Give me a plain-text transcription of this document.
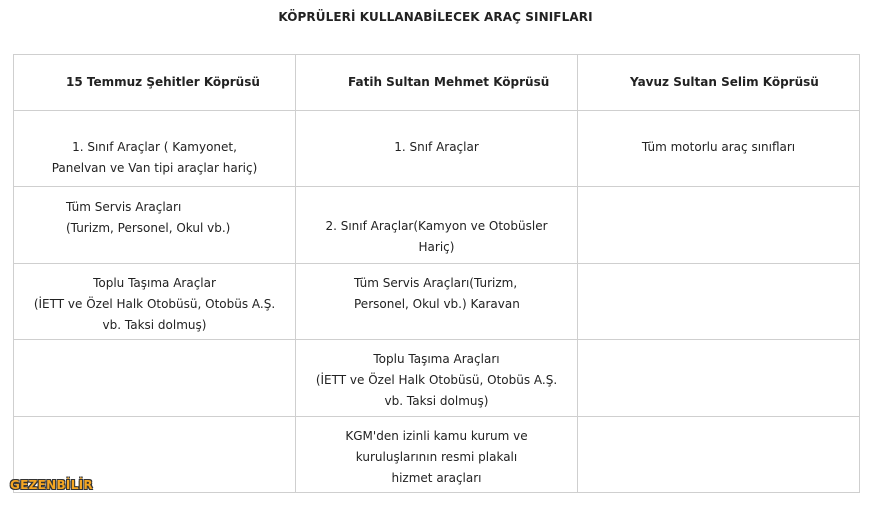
KÖPRÜLERİ KULLANABİLECEK ARAÇ SINIFLARI
15 Temmuz Şehitler Köprüsü	Fatih Sultan Mehmet Köprüsü	Yavuz Sultan Selim Köprüsü

1. Sınıf Araçlar ( Kamyonet,
Panelvan ve Van tipi araçlar hariç)	1. Snıf Araçlar	Tüm motorlu araç sınıfları

Tüm Servis Araçları
(Turizm, Personel, Okul vb.)	2. Sınıf Araçlar(Kamyon ve Otobüsler
Hariç)	

Toplu Taşıma Araçlar
(İETT ve Özel Halk Otobüsü, Otobüs A.Ş.
vb. Taksi dolmuş)	Tüm Servis Araçları(Turizm,
Personel, Okul vb.) Karavan	

	Toplu Taşıma Araçları
(İETT ve Özel Halk Otobüsü, Otobüs A.Ş.
vb. Taksi dolmuş)	

	KGM'den izinli kamu kurum ve
kuruluşlarının resmi plakalı
hizmet araçları	

GEZENBİLİR
